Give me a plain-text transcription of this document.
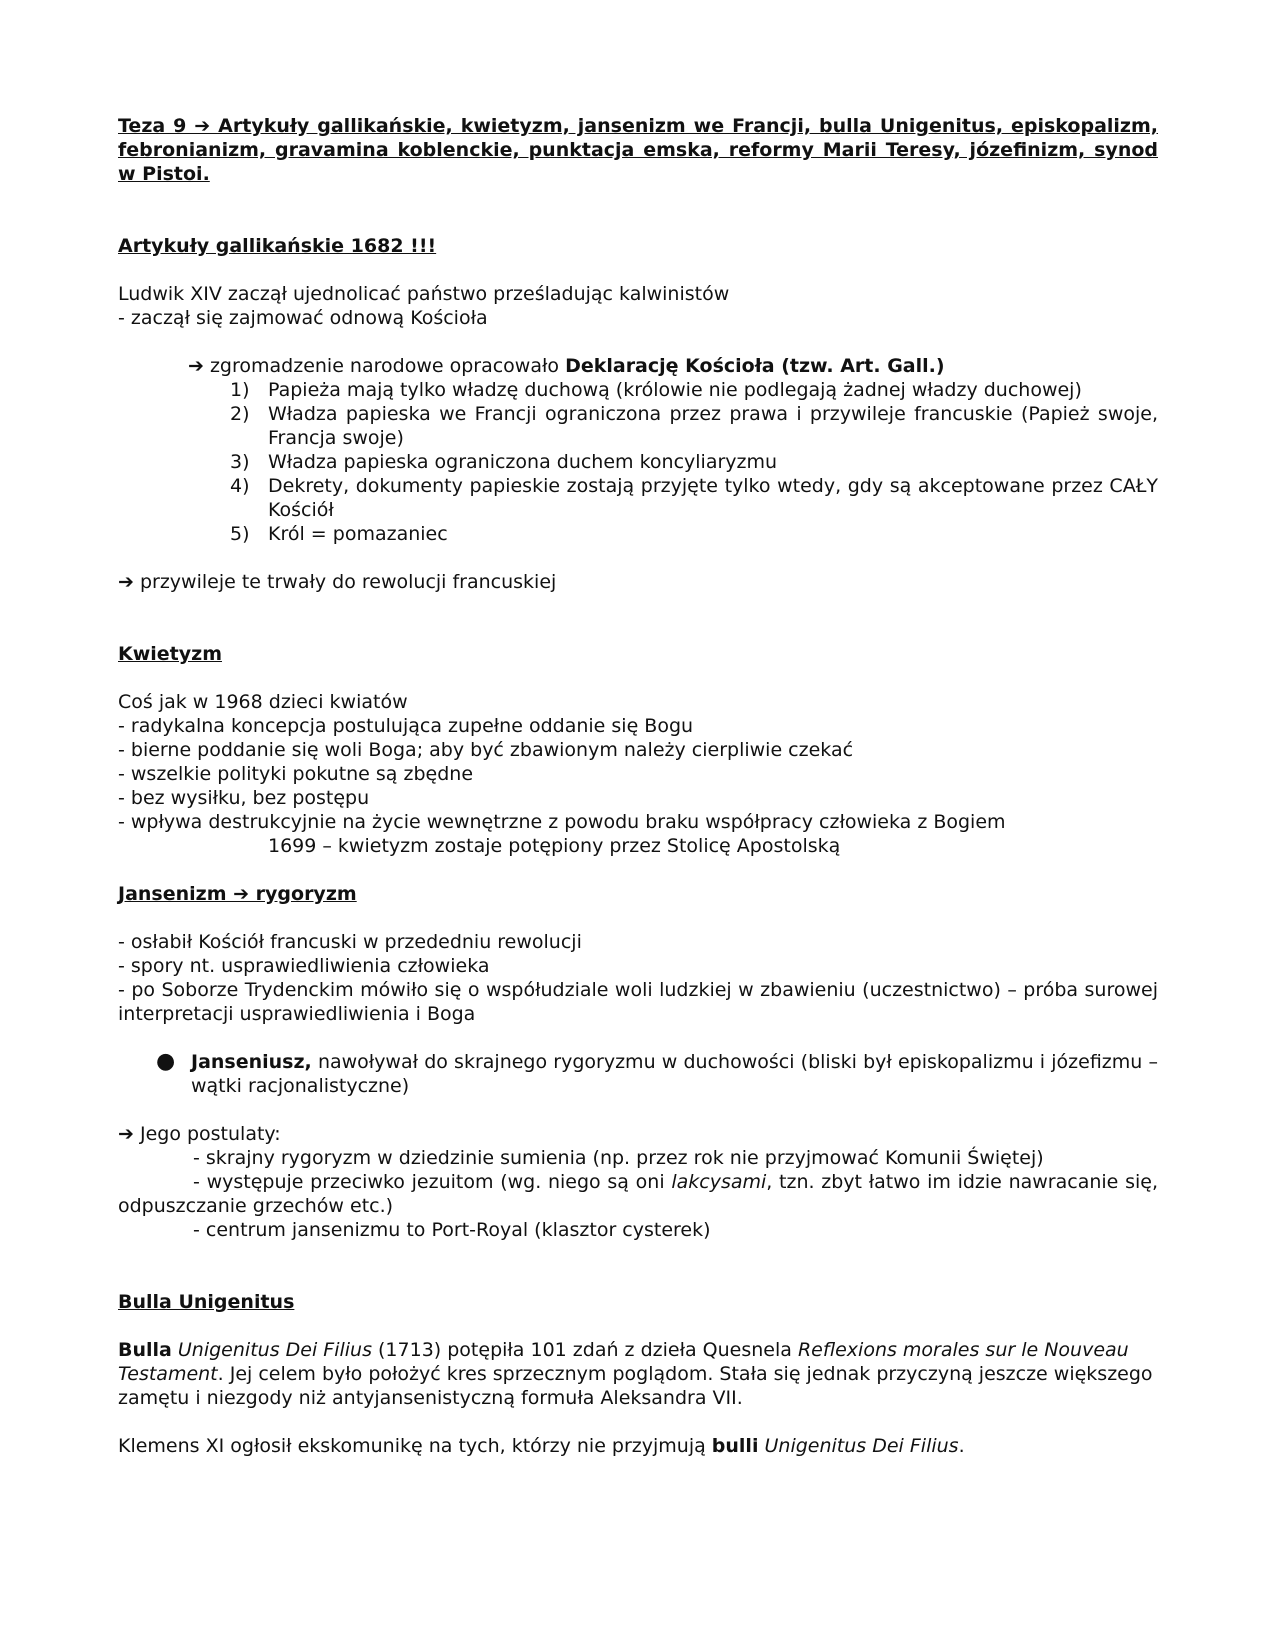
Teza 9 ➔ Artykuły gallikańskie, kwietyzm, jansenizm we Francji, bulla Unigenitus, episkopalizm, febronianizm, gravamina koblenckie, punktacja emska, reformy Marii Teresy, józefinizm, synod w Pistoi.

Artykuły gallikańskie 1682 !!!

Ludwik XIV zaczął ujednolicać państwo prześladując kalwinistów

- zaczął się zajmować odnową Kościoła

➔ zgromadzenie narodowe opracowało Deklarację Kościoła (tzw. Art. Gall.)

1) Papieża mają tylko władzę duchową (królowie nie podlegają żadnej władzy duchowej)
2) Władza papieska we Francji ograniczona przez prawa i przywileje francuskie (Papież swoje, Francja swoje)
3) Władza papieska ograniczona duchem koncyliaryzmu
4) Dekrety, dokumenty papieskie zostają przyjęte tylko wtedy, gdy są akceptowane przez CAŁY Kościół
5) Król = pomazaniec

➔ przywileje te trwały do rewolucji francuskiej

Kwietyzm

Coś jak w 1968 dzieci kwiatów

- radykalna koncepcja postulująca zupełne oddanie się Bogu

- bierne poddanie się woli Boga; aby być zbawionym należy cierpliwie czekać

- wszelkie polityki pokutne są zbędne

- bez wysiłku, bez postępu

- wpływa destrukcyjnie na życie wewnętrzne z powodu braku współpracy człowieka z Bogiem

1699 – kwietyzm zostaje potępiony przez Stolicę Apostolską

Jansenizm ➔ rygoryzm

- osłabił Kościół francuski w przededniu rewolucji

- spory nt. usprawiedliwienia człowieka

- po Soborze Trydenckim mówiło się o współudziale woli ludzkiej w zbawieniu (uczestnictwo) – próba surowej interpretacji usprawiedliwienia i Boga

● Janseniusz, nawoływał do skrajnego rygoryzmu w duchowości (bliski był episkopalizmu i józefizmu – wątki racjonalistyczne)

➔ Jego postulaty:

- skrajny rygoryzm w dziedzinie sumienia (np. przez rok nie przyjmować Komunii Świętej)

- występuje przeciwko jezuitom (wg. niego są oni lakcysami, tzn. zbyt łatwo im idzie nawracanie się, odpuszczanie grzechów etc.)

- centrum jansenizmu to Port-Royal (klasztor cysterek)

Bulla Unigenitus

Bulla Unigenitus Dei Filius (1713) potępiła 101 zdań z dzieła Quesnela Reflexions morales sur le Nouveau Testament. Jej celem było położyć kres sprzecznym poglądom. Stała się jednak przyczyną jeszcze większego zamętu i niezgody niż antyjansenistyczną formuła Aleksandra VII.

Klemens XI ogłosił ekskomunikę na tych, którzy nie przyjmują bulli Unigenitus Dei Filius.
